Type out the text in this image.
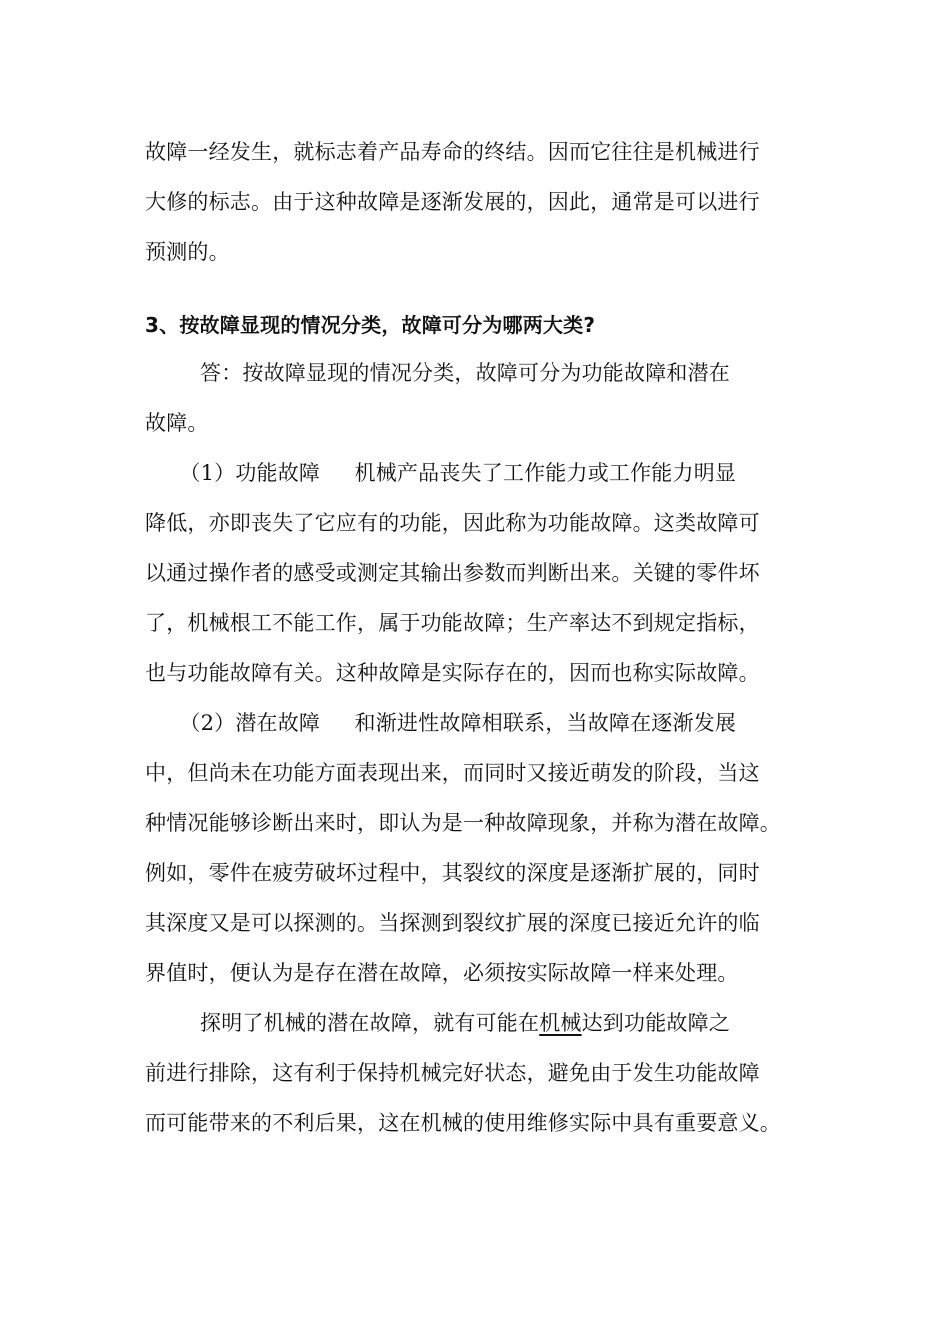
故障一经发生，就标志着产品寿命的终结。因而它往往是机械进行
大修的标志。由于这种故障是逐渐发展的，因此，通常是可以进行
预测的。
3、按故障显现的情况分类，故障可分为哪两大类?
答：按故障显现的情况分类，故障可分为功能故障和潜在
故障。
（1）功能故障     机械产品丧失了工作能力或工作能力明显
降低，亦即丧失了它应有的功能，因此称为功能故障。这类故障可
以通过操作者的感受或测定其输出参数而判断出来。关键的零件坏
了，机械根工不能工作，属于功能故障；生产率达不到规定指标，
也与功能故障有关。这种故障是实际存在的，因而也称实际故障。
（2）潜在故障     和渐进性故障相联系，当故障在逐渐发展
中，但尚未在功能方面表现出来，而同时又接近萌发的阶段，当这
种情况能够诊断出来时，即认为是一种故障现象，并称为潜在故障。
例如，零件在疲劳破坏过程中，其裂纹的深度是逐渐扩展的，同时
其深度又是可以探测的。当探测到裂纹扩展的深度已接近允许的临
界值时，便认为是存在潜在故障，必须按实际故障一样来处理。
探明了机械的潜在故障，就有可能在机械达到功能故障之
前进行排除，这有利于保持机械完好状态，避免由于发生功能故障
而可能带来的不利后果，这在机械的使用维修实际中具有重要意义。
